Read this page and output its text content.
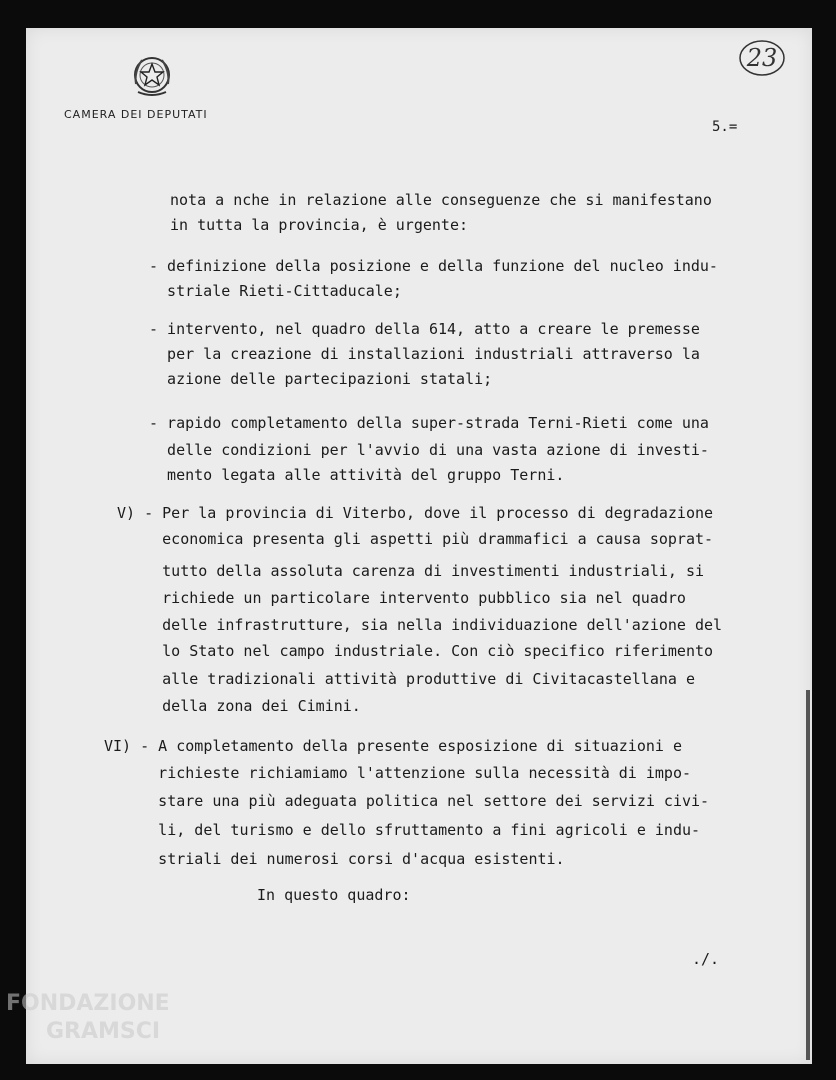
CAMERA DEI DEPUTATI
23
5.=
nota a nche in relazione alle conseguenze che si manifestano
in tutta la provincia, è urgente:
- definizione della posizione e della funzione del nucleo indu-
striale Rieti-Cittaducale;
- intervento, nel quadro della 614, atto a creare le premesse
per la creazione di installazioni industriali attraverso la
azione delle partecipazioni statali;
- rapido completamento della super-strada Terni-Rieti come una
delle condizioni per l'avvio di una vasta azione di investi-
mento legata alle attività del gruppo Terni.
V) - Per la provincia di Viterbo, dove il processo di degradazione
economica presenta gli aspetti più drammafici a causa soprat-
tutto della assoluta carenza di investimenti industriali, si
richiede un particolare intervento pubblico sia nel quadro
delle infrastrutture, sia nella individuazione dell'azione del
lo Stato nel campo industriale. Con ciò specifico riferimento
alle tradizionali attività produttive di Civitacastellana e
della zona dei Cimini.
VI) - A completamento della presente esposizione di situazioni e
richieste richiamiamo l'attenzione sulla necessità di impo-
stare una più adeguata politica nel settore dei servizi civi-
li, del turismo e dello sfruttamento a fini agricoli e indu-
striali dei numerosi corsi d'acqua esistenti.
In questo quadro:
./.
FONDAZIONE
GRAMSCI
